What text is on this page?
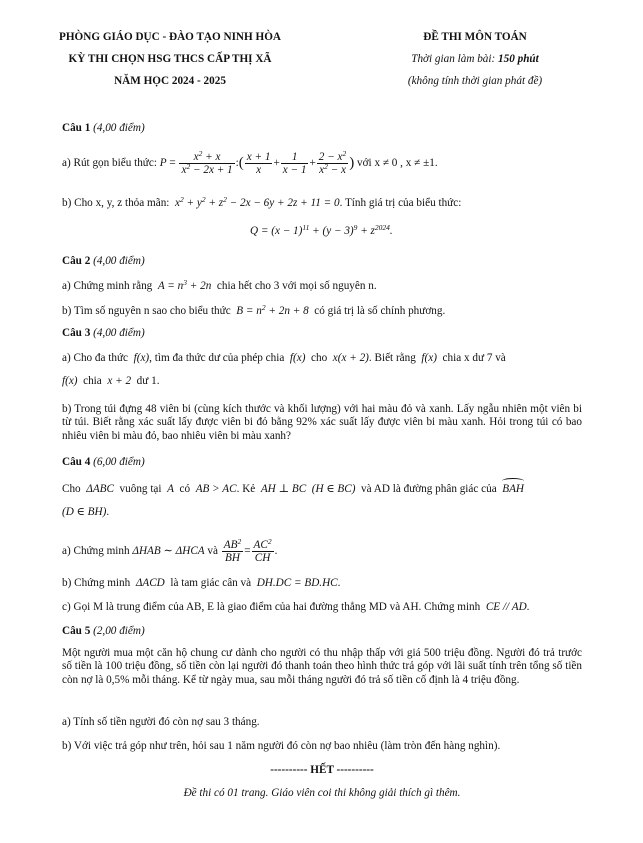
PHÒNG GIÁO DỤC - ĐÀO TẠO NINH HÒA
KỲ THI CHỌN HSG THCS CẤP THỊ XÃ
NĂM HỌC 2024 - 2025
ĐỀ THI MÔN TOÁN
Thời gian làm bài: 150 phút
(không tính thời gian phát đề)
Câu 1 (4,00 điểm)
a) Rút gọn biểu thức:
$P = \frac{x^2 + x}{x^2 - 2x + 1}$ : ( $\frac{x + 1}{x} + \frac{1}{x - 1} + \frac{2 - x^2}{x^2 - x}$ )
với x ≠ 0 , x ≠ ±1.
b) Cho x, y, z thỏa mãn: $x^2 + y^2 + z^2 - 2x - 6y + 2z + 11 = 0$. Tính giá trị của biểu thức:
$Q = (x - 1)^{11} + (y - 3)^9 + z^{2024}$.
Câu 2 (4,00 điểm)
a) Chứng minh rằng $A = n^3 + 2n$ chia hết cho 3 với mọi số nguyên n.
b) Tìm số nguyên n sao cho biểu thức $B = n^2 + 2n + 8$ có giá trị là số chính phương.
Câu 3 (4,00 điểm)
a) Cho đa thức f(x), tìm đa thức dư của phép chia f(x) cho x(x + 2). Biết rằng f(x) chia x dư 7 và
f(x) chia x + 2 dư 1.
b) Trong túi đựng 48 viên bi (cùng kích thước và khối lượng) với hai màu đỏ và xanh. Lấy ngẫu nhiên một viên bi từ túi. Biết rằng xác suất lấy được viên bi đỏ bằng 92% xác suất lấy được viên bi màu xanh. Hỏi trong túi có bao nhiêu viên bi màu đỏ, bao nhiêu viên bi màu xanh?
Câu 4 (6,00 điểm)
Cho ΔABC vuông tại A có AB > AC. Kẻ AH ⊥ BC (H ∈ BC) và AD là đường phân giác của BAH
(D ∈ BH).
a) Chứng minh
ΔHAB ∼ ΔHCA
và
$\frac{AB^2}{BH} = \frac{AC^2}{CH}$ .
b) Chứng minh ΔACD là tam giác cân và DH.DC = BD.HC.
c) Gọi M là trung điểm của AB, E là giao điểm của hai đường thẳng MD và AH. Chứng minh CE // AD.
Câu 5 (2,00 điểm)
Một người mua một căn hộ chung cư dành cho người có thu nhập thấp với giá 500 triệu đồng. Người đó trả trước số tiền là 100 triệu đồng, số tiền còn lại người đó thanh toán theo hình thức trả góp với lãi suất tính trên tổng số tiền còn nợ là 0,5% mỗi tháng. Kể từ ngày mua, sau mỗi tháng người đó trả số tiền cố định là 4 triệu đồng.
a) Tính số tiền người đó còn nợ sau 3 tháng.
b) Với việc trả góp như trên, hỏi sau 1 năm người đó còn nợ bao nhiêu (làm tròn đến hàng nghìn).
---------- HẾT ----------
Đề thi có 01 trang. Giáo viên coi thi không giải thích gì thêm.
